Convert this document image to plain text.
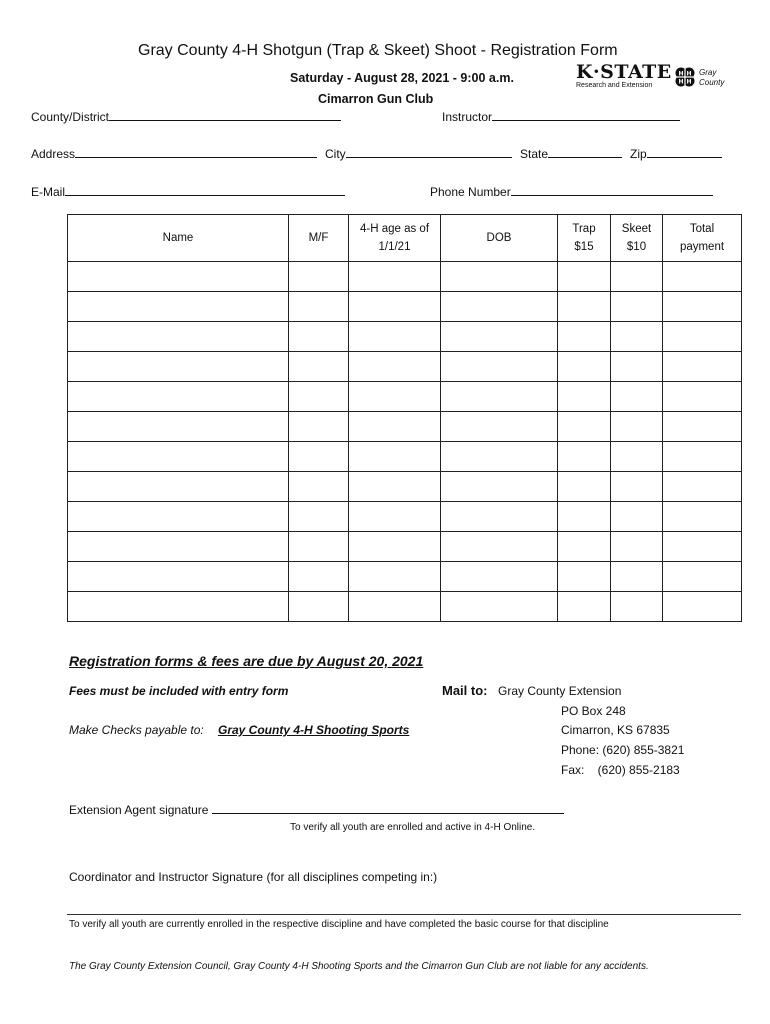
Gray County 4-H Shotgun (Trap & Skeet) Shoot - Registration Form
Saturday - August 28, 2021 - 9:00 a.m.
Cimarron Gun Club
K·STATE
Research and Extension
H H
H H
Gray
County
County/District	Instructor
Address	City	State	Zip
E-Mail	Phone Number
Name	M/F	4-H age as of 1/1/21	DOB	Trap $15	Skeet $10	Total payment

Registration forms & fees are due by August 20, 2021
Fees must be included with entry form
Make Checks payable to: Gray County 4-H Shooting Sports
Mail to: Gray County Extension
PO Box 248
Cimarron, KS 67835
Phone: (620) 855-3821
Fax:    (620) 855-2183
Extension Agent signature
To verify all youth are enrolled and active in 4-H Online.
Coordinator and Instructor Signature (for all disciplines competing in:)
To verify all youth are currently enrolled in the respective discipline and have completed the basic course for that discipline
The Gray County Extension Council, Gray County 4-H Shooting Sports and the Cimarron Gun Club are not liable for any accidents.
